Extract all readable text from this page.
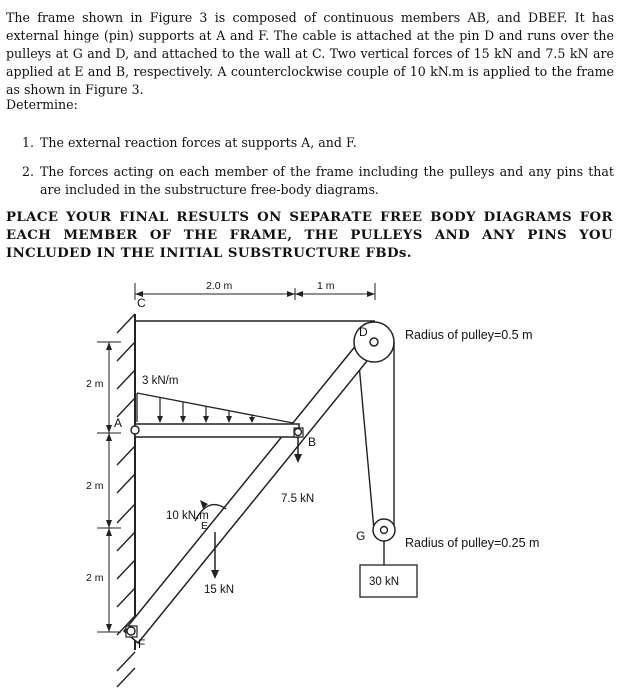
The frame shown in Figure 3 is composed of continuous members AB, and DBEF. It has external hinge (pin) supports at A and F. The cable is attached at the pin D and runs over the pulleys at G and D, and attached to the wall at C. Two vertical forces of 15 kN and 7.5 kN are applied at E and B, respectively. A counterclockwise couple of 10 kN.m is applied to the frame as shown in Figure 3.

Determine:

1. The external reaction forces at supports A, and F.
2. The forces acting on each member of the frame including the pulleys and any pins that are included in the substructure free-body diagrams.
PLACE YOUR FINAL RESULTS ON SEPARATE FREE BODY DIAGRAMS FOR EACH MEMBER OF THE FRAME, THE PULLEYS AND ANY PINS YOU INCLUDED IN THE INITIAL SUBSTRUCTURE FBDs.
2 m
2 m
2 m
2.0 m	1 m
C
D	Radius of pulley=0.5 m
A
B
3 kN/m
7.5 kN
10 kN.m
E
15 kN
F
G	Radius of pulley=0.25 m
30 kN
